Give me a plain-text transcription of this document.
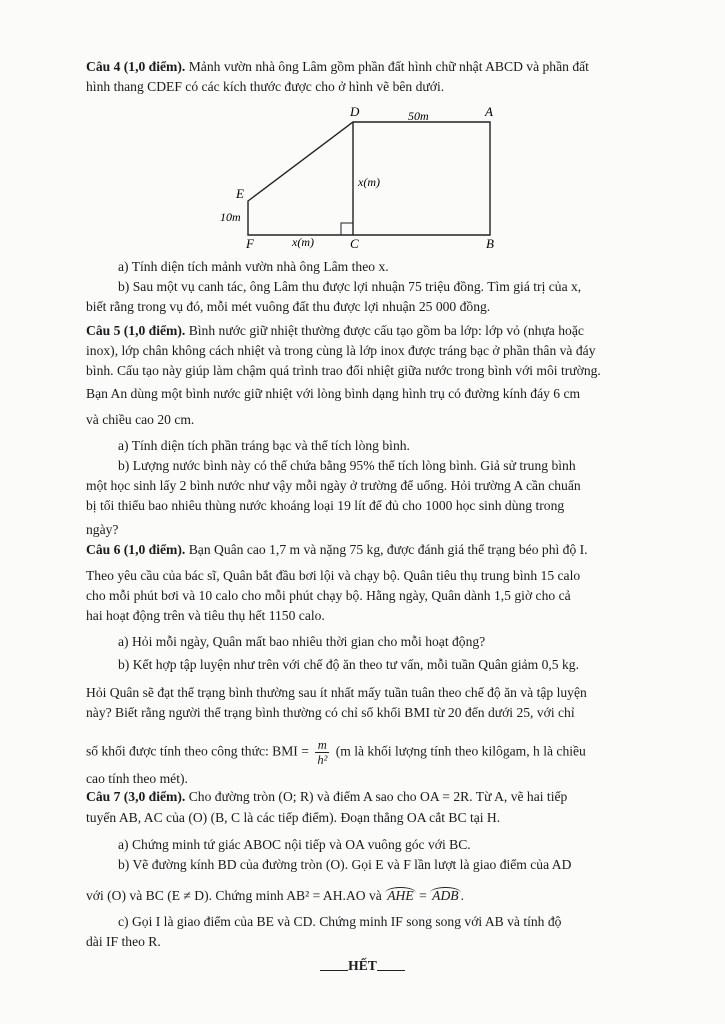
Câu 4 (1,0 điểm). Mảnh vườn nhà ông Lâm gồm phần đất hình chữ nhật ABCD và phần đất
hình thang CDEF có các kích thước được cho ở hình vẽ bên dưới.
D	A
50m
E
10m
x(m)
F	x(m)	C	B
a) Tính diện tích mảnh vườn nhà ông Lâm theo x.
b) Sau một vụ canh tác, ông Lâm thu được lợi nhuận 75 triệu đồng. Tìm giá trị của x,
biết rằng trong vụ đó, mỗi mét vuông đất thu được lợi nhuận 25 000 đồng.
Câu 5 (1,0 điểm). Bình nước giữ nhiệt thường được cấu tạo gồm ba lớp: lớp vỏ (nhựa hoặc
inox), lớp chân không cách nhiệt và trong cùng là lớp inox được tráng bạc ở phần thân và đáy
bình. Cấu tạo này giúp làm chậm quá trình trao đổi nhiệt giữa nước trong bình với môi trường.
Bạn An dùng một bình nước giữ nhiệt với lòng bình dạng hình trụ có đường kính đáy 6 cm
và chiều cao 20 cm.
a) Tính diện tích phần tráng bạc và thể tích lòng bình.
b) Lượng nước bình này có thể chứa bằng 95% thể tích lòng bình. Giả sử trung bình
một học sinh lấy 2 bình nước như vậy mỗi ngày ở trường để uống. Hỏi trường A cần chuẩn
bị tối thiểu bao nhiêu thùng nước khoáng loại 19 lít để đủ cho 1000 học sinh dùng trong
ngày?
Câu 6 (1,0 điểm). Bạn Quân cao 1,7 m và nặng 75 kg, được đánh giá thể trạng béo phì độ I.
Theo yêu cầu của bác sĩ, Quân bắt đầu bơi lội và chạy bộ. Quân tiêu thụ trung bình 15 calo
cho mỗi phút bơi và 10 calo cho mỗi phút chạy bộ. Hằng ngày, Quân dành 1,5 giờ cho cả
hai hoạt động trên và tiêu thụ hết 1150 calo.
a) Hỏi mỗi ngày, Quân mất bao nhiêu thời gian cho mỗi hoạt động?
b) Kết hợp tập luyện như trên với chế độ ăn theo tư vấn, mỗi tuần Quân giảm 0,5 kg.
Hỏi Quân sẽ đạt thể trạng bình thường sau ít nhất mấy tuần tuân theo chế độ ăn và tập luyện
này? Biết rằng người thể trạng bình thường có chỉ số khối BMI từ 20 đến dưới 25, với chỉ
số khối được tính theo công thức: BMI = $\frac{m}{\text{h²}} (m$ là khối lượng tính theo kilôgam, h là chiều
cao tính theo mét).
Câu 7 (3,0 điểm). Cho đường tròn (O; R) và điểm A sao cho OA = 2R. Từ A, vẽ hai tiếp
tuyến AB, AC của (O) (B, C là các tiếp điểm). Đoạn thẳng OA cắt BC tại H.
a) Chứng minh tứ giác ABOC nội tiếp và OA vuông góc với BC.
b) Vẽ đường kính BD của đường tròn (O). Gọi E và F lần lượt là giao điểm của AD
với (O) và BC (E ≠ D). Chứng minh AB² = AH.AO và AHE = ADB .
c) Gọi I là giao điểm của BE và CD. Chứng minh IF song song với AB và tính độ
dài IF theo R.
HẾT
